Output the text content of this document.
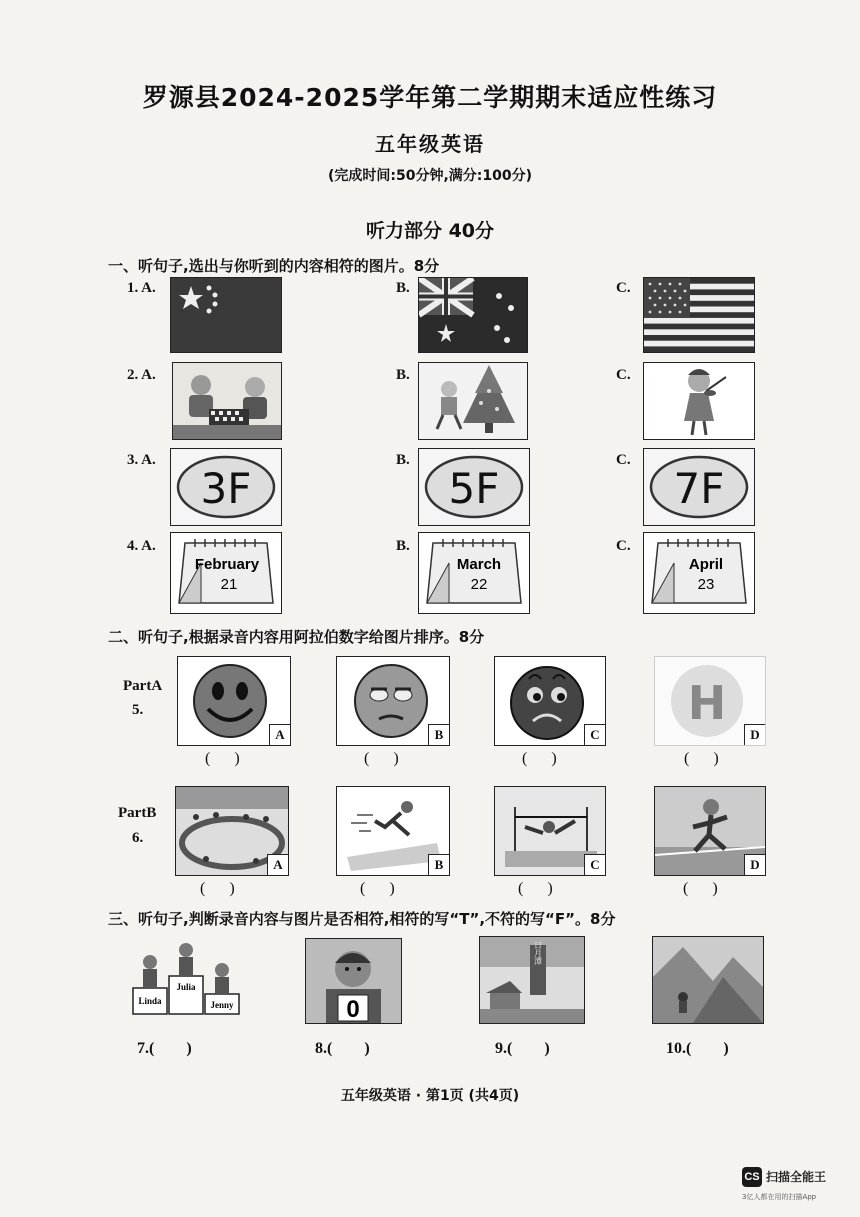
罗源县2024-2025学年第二学期期末适应性练习
五年级英语
(完成时间:50分钟,满分:100分)
听力部分 40分
一、听句子,选出与你听到的内容相符的图片。8分
1. A.	B.	C.
2. A.	B.	C.
3. A.
3F
B.
5F
C.
7F
4. A.
February
21
B.
March
22
C.
April
23
二、听句子,根据录音内容用阿拉伯数字给图片排序。8分
PartA
5.
A	B	C
H
D
(      )	(      )	(      )	(      )
PartB
6.
A	B	C	D
(      )	(      )	(      )	(      )
三、听句子,判断录音内容与图片是否相符,相符的写“T”,不符的写“F”。8分
Linda
Julia
Jenny	0
日月潭
7.(        )	8.(        )	9.(        )	10.(        )
五年级英语 · 第1页 (共4页)
CS 扫描全能王
3亿人都在用的扫描App
